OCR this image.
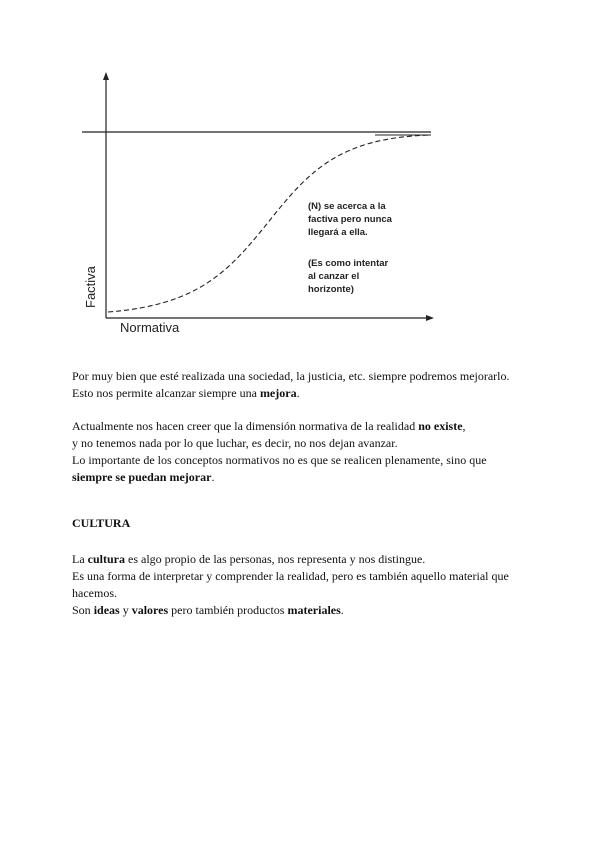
Factiva
Normativa
(N) se acerca a la
factiva pero nunca
llegará a ella.
(Es como intentar
al canzar el
horizonte)

Por muy bien que esté realizada una sociedad, la justicia, etc. siempre podremos mejorarlo.

Esto nos permite alcanzar siempre una mejora.

Actualmente nos hacen creer que la dimensión normativa de la realidad no existe,

y no tenemos nada por lo que luchar, es decir, no nos dejan avanzar.

Lo importante de los conceptos normativos no es que se realicen plenamente, sino que

siempre se puedan mejorar.

CULTURA

La cultura es algo propio de las personas, nos representa y nos distingue.

Es una forma de interpretar y comprender la realidad, pero es también aquello material que hacemos.

Son ideas y valores pero también productos materiales.
